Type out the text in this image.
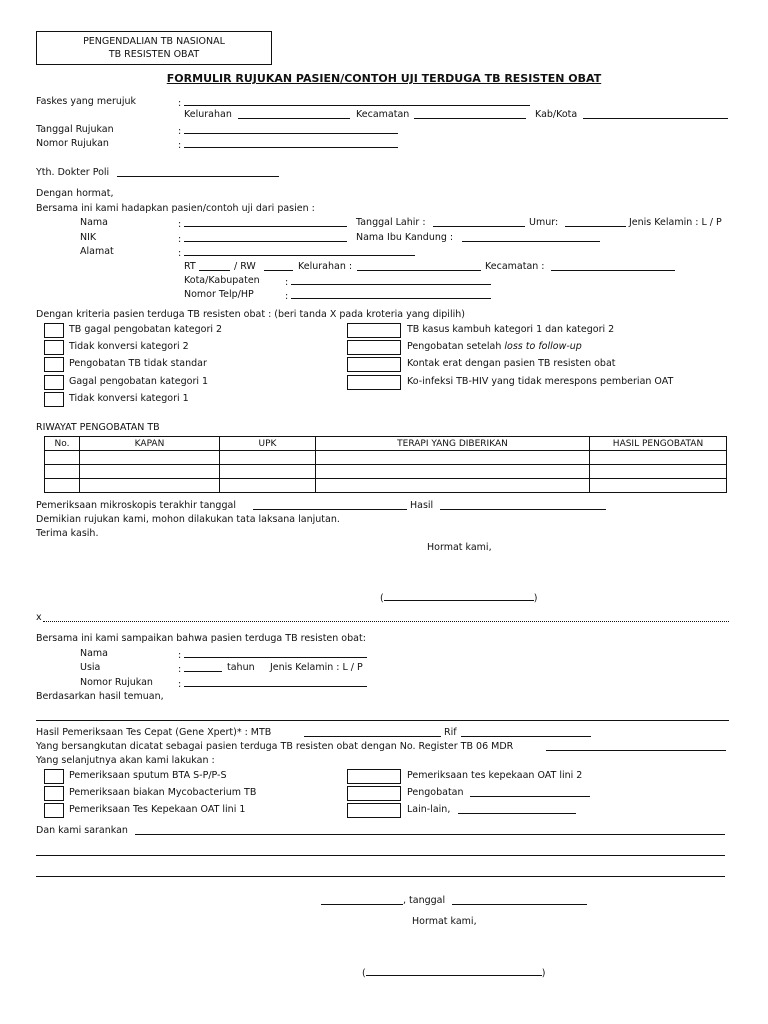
PENGENDALIAN TB NASIONAL
TB RESISTEN OBAT
FORMULIR RUJUKAN PASIEN/CONTOH UJI TERDUGA TB RESISTEN OBAT
Faskes yang merujuk	:
Kelurahan	Kecamatan	Kab/Kota
Tanggal Rujukan	:
Nomor Rujukan	:
Yth. Dokter Poli
Dengan hormat,
Bersama ini kami hadapkan pasien/contoh uji dari pasien :
Nama	:	Tanggal Lahir :	Umur:	Jenis Kelamin : L / P
NIK	:	Nama Ibu Kandung :
Alamat	:
RT	/ RW	Kelurahan :	Kecamatan :
Kota/Kabupaten	:
Nomor Telp/HP	:
Dengan kriteria pasien terduga TB resisten obat : (beri tanda X pada kroteria yang dipilih)
TB gagal pengobatan kategori 2
Tidak konversi kategori 2
Pengobatan TB tidak standar
Gagal pengobatan kategori 1
Tidak konversi kategori 1
TB kasus kambuh kategori 1 dan kategori 2
Pengobatan setelah loss to follow-up
Kontak erat dengan pasien TB resisten obat
Ko-infeksi TB-HIV yang tidak merespons pemberian OAT
RIWAYAT PENGOBATAN TB
No.	KAPAN	UPK	TERAPI YANG DIBERIKAN	HASIL PENGOBATAN

Pemeriksaan mikroskopis terakhir tanggal	Hasil
Demikian rujukan kami, mohon dilakukan tata laksana lanjutan.
Terima kasih.
Hormat kami,
(	)
x
Bersama ini kami sampaikan bahwa pasien terduga TB resisten obat:
Nama	:
Usia	:	tahun Jenis Kelamin : L / P
Nomor Rujukan	:
Berdasarkan hasil temuan,
Hasil Pemeriksaan Tes Cepat (Gene Xpert)* : MTB	Rif
Yang bersangkutan dicatat sebagai pasien terduga TB resisten obat dengan No. Register TB 06 MDR
Yang selanjutnya akan kami lakukan :
Pemeriksaan sputum BTA S-P/P-S
Pemeriksaan biakan Mycobacterium TB
Pemeriksaan Tes Kepekaan OAT lini 1
Pemeriksaan tes kepekaan OAT lini 2
Pengobatan
Lain-lain,
Dan kami sarankan
, tanggal
Hormat kami,
(	)
